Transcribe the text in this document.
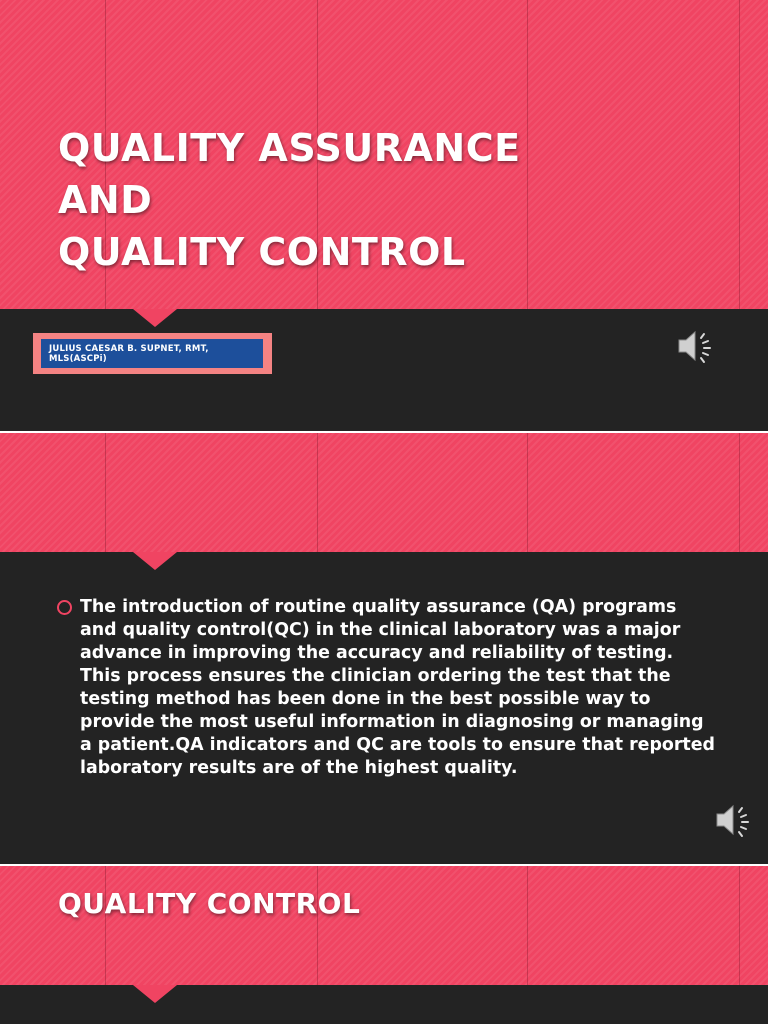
QUALITY ASSURANCE
AND
QUALITY CONTROL
JULIUS CAESAR B. SUPNET, RMT, MLS(ASCPi)
The introduction of routine quality assurance (QA) programs and quality control(QC) in the clinical laboratory was a major advance in improving the accuracy and reliability of testing. This process ensures the clinician ordering the test that the testing method has been done in the best possible way to provide the most useful information in diagnosing or managing a patient.QA indicators and QC are tools to ensure that reported laboratory results are of the highest quality.
QUALITY CONTROL
